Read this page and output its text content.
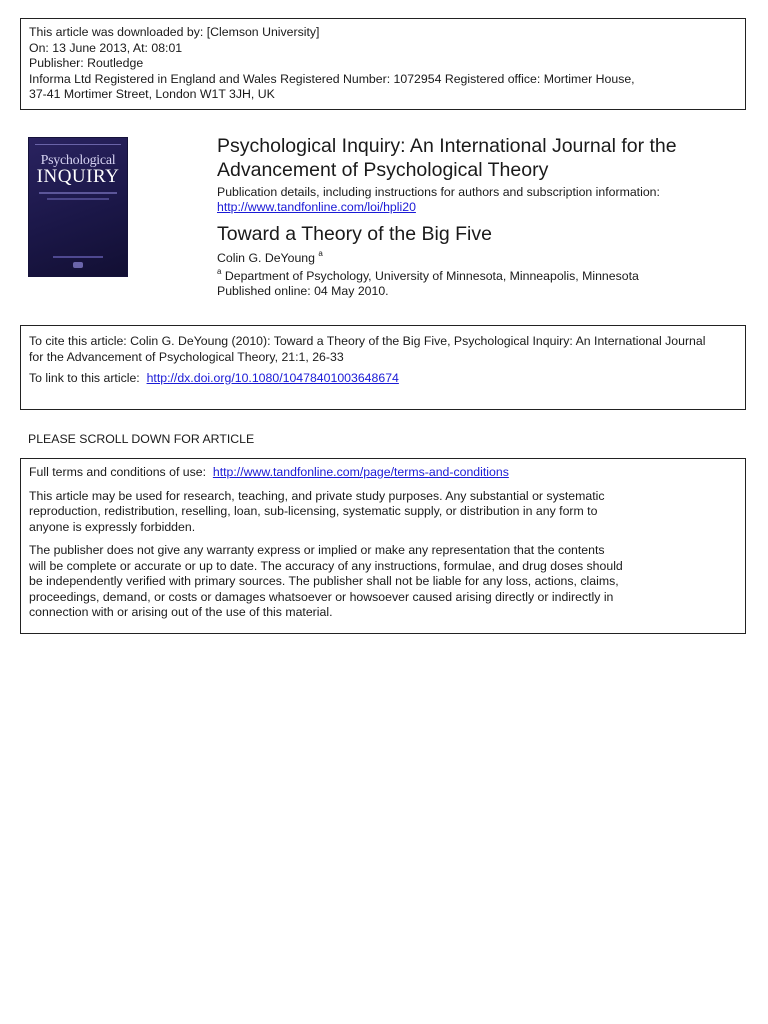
This article was downloaded by: [Clemson University]
On: 13 June 2013, At: 08:01
Publisher: Routledge
Informa Ltd Registered in England and Wales Registered Number: 1072954 Registered office: Mortimer House,
37-41 Mortimer Street, London W1T 3JH, UK
Psychological
INQUIRY
Psychological Inquiry: An International Journal for the
Advancement of Psychological Theory
Publication details, including instructions for authors and subscription information:
http://www.tandfonline.com/loi/hpli20
Toward a Theory of the Big Five
Colin G. DeYoung $^a$
$^a$ Department of Psychology, University of Minnesota, Minneapolis, Minnesota
Published online: 04 May 2010.
To cite this article: Colin G. DeYoung (2010): Toward a Theory of the Big Five, Psychological Inquiry: An International Journal
for the Advancement of Psychological Theory, 21:1, 26-33
To link to this article: http://dx.doi.org/10.1080/10478401003648674
PLEASE SCROLL DOWN FOR ARTICLE
Full terms and conditions of use: http://www.tandfonline.com/page/terms-and-conditions
This article may be used for research, teaching, and private study purposes. Any substantial or systematic
reproduction, redistribution, reselling, loan, sub-licensing, systematic supply, or distribution in any form to
anyone is expressly forbidden.
The publisher does not give any warranty express or implied or make any representation that the contents
will be complete or accurate or up to date. The accuracy of any instructions, formulae, and drug doses should
be independently verified with primary sources. The publisher shall not be liable for any loss, actions, claims,
proceedings, demand, or costs or damages whatsoever or howsoever caused arising directly or indirectly in
connection with or arising out of the use of this material.
